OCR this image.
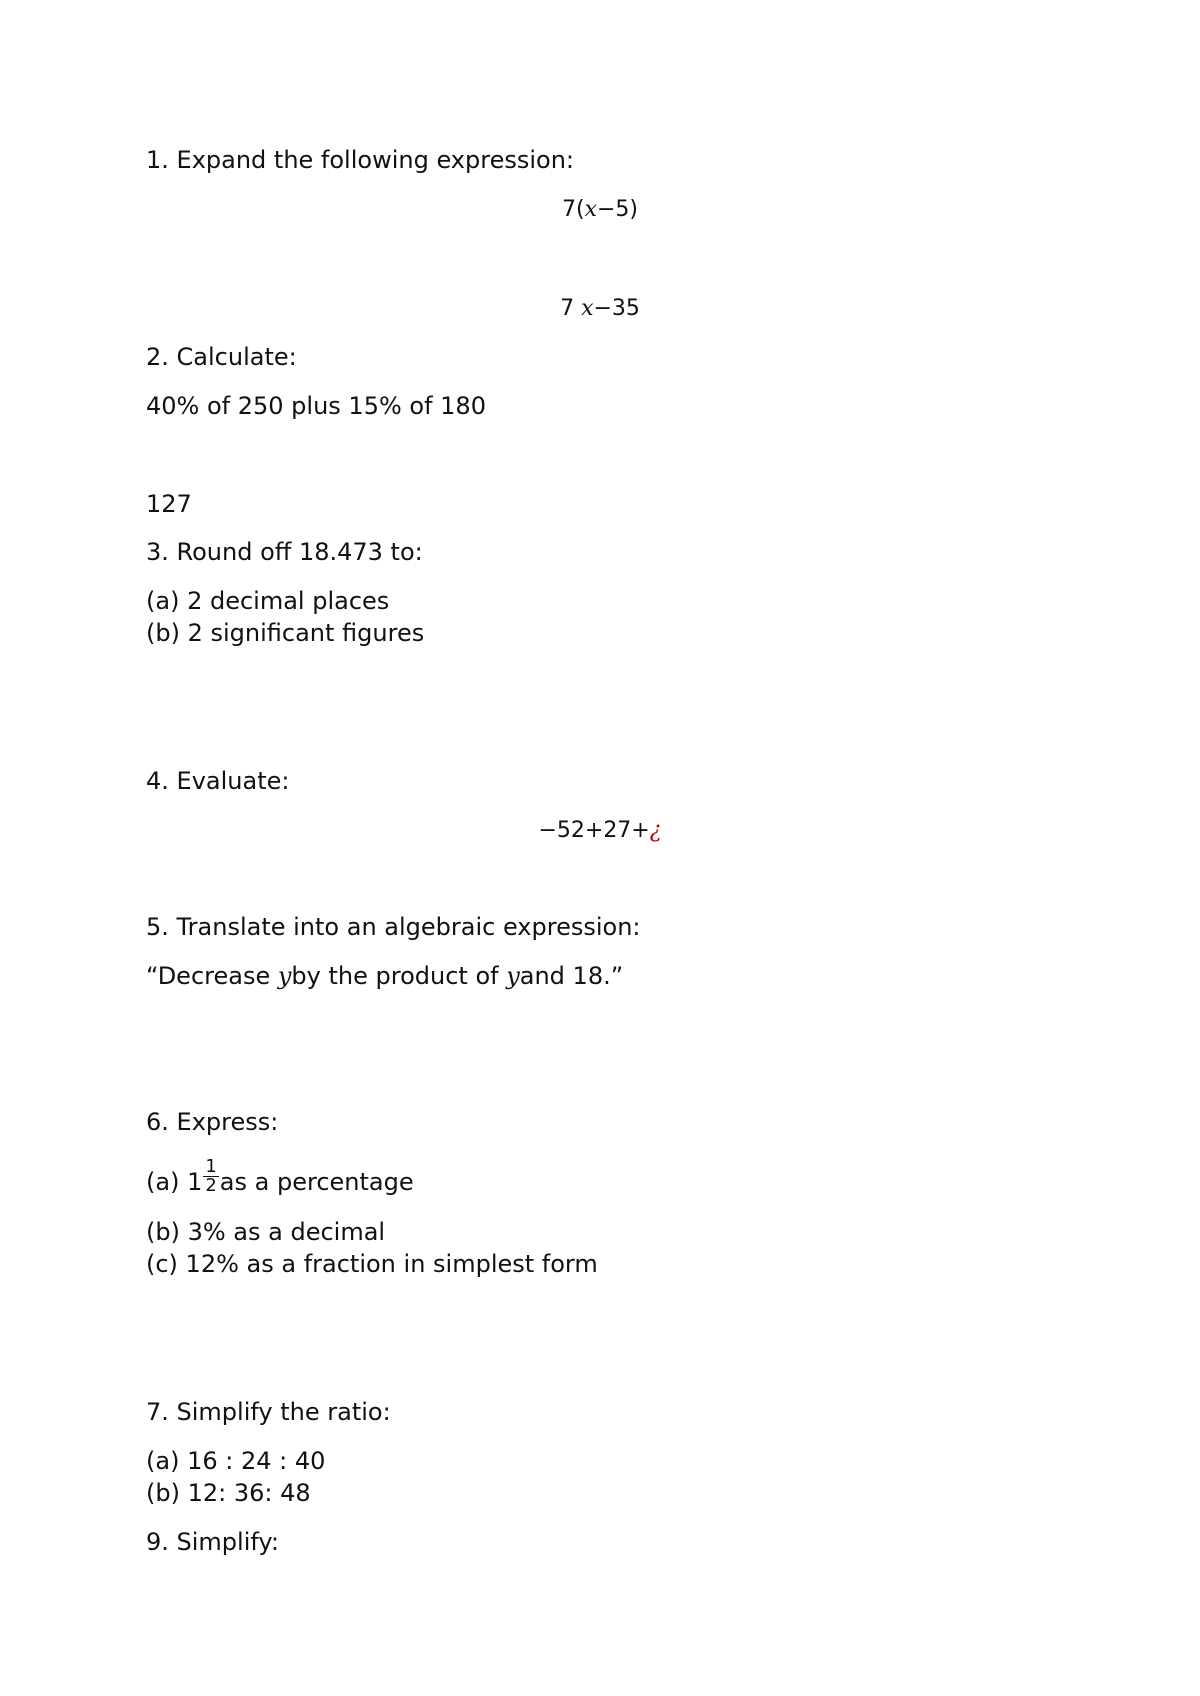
1. Expand the following expression:
7(x−5)
7 x−35
2. Calculate:
40% of 250 plus 15% of 180
127
3. Round off 18.473 to:
(a) 2 decimal places
(b) 2 significant figures
4. Evaluate:
−52+27+¿
5. Translate into an algebraic expression:
“Decrease yby the product of yand 18.”
6. Express:
(a) $1 \frac{1}{2}$ as a percentage
(b) 3% as a decimal
(c) 12% as a fraction in simplest form
7. Simplify the ratio:
(a) 16 : 24 : 40
(b) 12: 36: 48
9. Simplify:
